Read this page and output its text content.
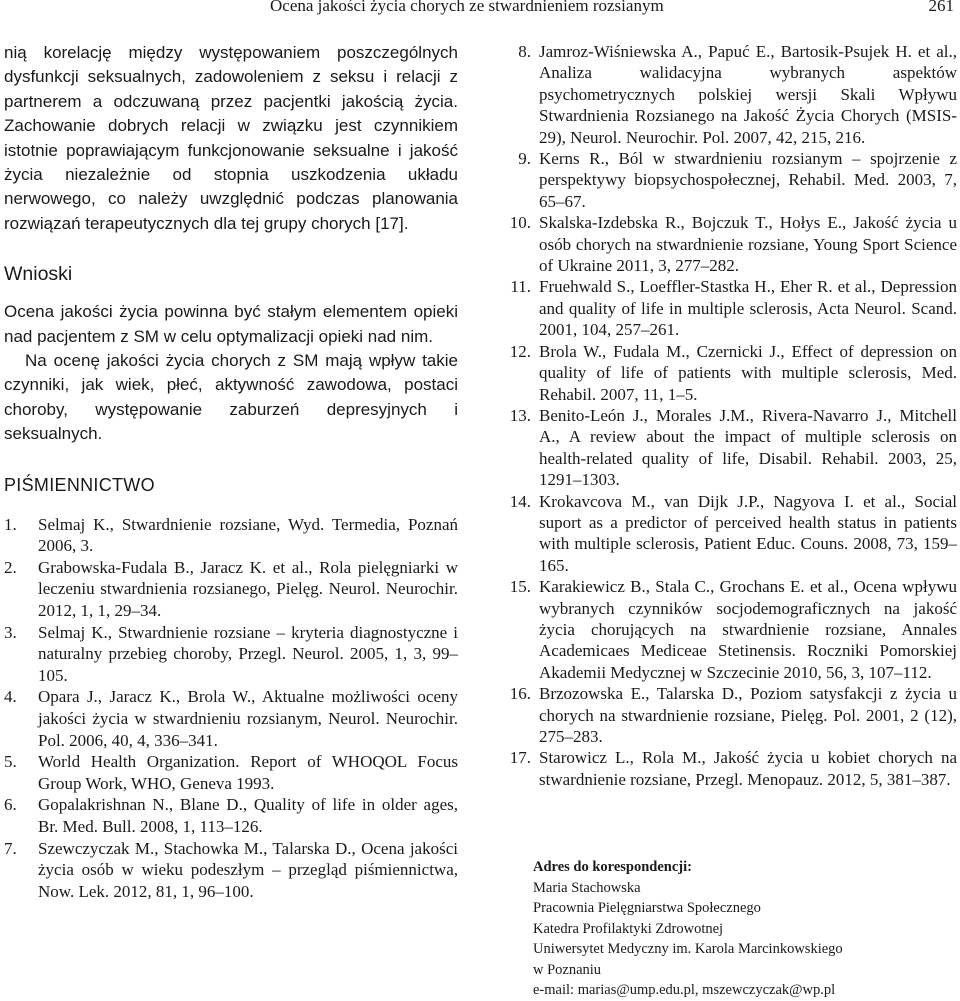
Ocena jakości życia chorych ze stwardnieniem rozsianym	261

nią korelację między występowaniem poszczególnych dysfunkcji seksualnych, zadowoleniem z seksu i relacji z partnerem a odczuwaną przez pacjentki jakością życia. Zachowanie dobrych relacji w związku jest czynnikiem istotnie poprawiającym funkcjonowanie seksualne i jakość życia niezależnie od stopnia uszkodzenia układu nerwowego, co należy uwzględnić podczas planowania rozwiązań terapeutycznych dla tej grupy chorych [17].

Wnioski

Ocena jakości życia powinna być stałym elementem opieki nad pacjentem z SM w celu optymalizacji opieki nad nim.

Na ocenę jakości życia chorych z SM mają wpływ takie czynniki, jak wiek, płeć, aktywność zawodowa, postaci choroby, występowanie zaburzeń depresyjnych i seksualnych.

PIŚMIENNICTWO
1.	Selmaj K., Stwardnienie rozsiane, Wyd. Termedia, Poznań 2006, 3.
2.	Grabowska-Fudala B., Jaracz K. et al., Rola pielęgniarki w leczeniu stwardnienia rozsianego, Pielęg. Neurol. Neurochir. 2012, 1, 1, 29–34.
3.	Selmaj K., Stwardnienie rozsiane – kryteria diagnostyczne i naturalny przebieg choroby, Przegl. Neurol. 2005, 1, 3, 99–105.
4.	Opara J., Jaracz K., Brola W., Aktualne możliwości oceny jakości życia w stwardnieniu rozsianym, Neurol. Neurochir. Pol. 2006, 40, 4, 336–341.
5.	World Health Organization. Report of WHOQOL Focus Group Work, WHO, Geneva 1993.
6.	Gopalakrishnan N., Blane D., Quality of life in older ages, Br. Med. Bull. 2008, 1, 113–126.
7.	Szewczyczak M., Stachowka M., Talarska D., Ocena jakości życia osób w wieku podeszłym – przegląd piśmiennictwa, Now. Lek. 2012, 81, 1, 96–100.
8. Jamroz-Wiśniewska A., Papuć E., Bartosik-Psujek H. et al., Analiza walidacyjna wybranych aspektów psychometrycznych polskiej wersji Skali Wpływu Stwardnienia Rozsianego na Jakość Życia Chorych (MSIS-29), Neurol. Neurochir. Pol. 2007, 42, 215, 216.
9. Kerns R., Ból w stwardnieniu rozsianym – spojrzenie z perspektywy biopsychospołecznej, Rehabil. Med. 2003, 7, 65–67.
10. Skalska-Izdebska R., Bojczuk T., Hołys E., Jakość życia u osób chorych na stwardnienie rozsiane, Young Sport Science of Ukraine 2011, 3, 277–282.
11. Fruehwald S., Loeffler-Stastka H., Eher R. et al., Depression and quality of life in multiple sclerosis, Acta Neurol. Scand. 2001, 104, 257–261.
12. Brola W., Fudala M., Czernicki J., Effect of depression on quality of life of patients with multiple sclerosis, Med. Rehabil. 2007, 11, 1–5.
13. Benito-León J., Morales J.M., Rivera-Navarro J., Mitchell A., A review about the impact of multiple sclerosis on health-related quality of life, Disabil. Rehabil. 2003, 25, 1291–1303.
14. Krokavcova M., van Dijk J.P., Nagyova I. et al., Social suport as a predictor of perceived health status in patients with multiple sclerosis, Patient Educ. Couns. 2008, 73, 159–165.
15. Karakiewicz B., Stala C., Grochans E. et al., Ocena wpływu wybranych czynników socjodemograficznych na jakość życia chorujących na stwardnienie rozsiane, Annales Academicaes Mediceae Stetinensis. Roczniki Pomorskiej Akademii Medycznej w Szczecinie 2010, 56, 3, 107–112.
16. Brzozowska E., Talarska D., Poziom satysfakcji z życia u chorych na stwardnienie rozsiane, Pielęg. Pol. 2001, 2 (12), 275–283.
17. Starowicz L., Rola M., Jakość życia u kobiet chorych na stwardnienie rozsiane, Przegl. Menopauz. 2012, 5, 381–387.
Adres do korespondencji:
Maria Stachowska
Pracownia Pielęgniarstwa Społecznego
Katedra Profilaktyki Zdrowotnej
Uniwersytet Medyczny im. Karola Marcinkowskiego
w Poznaniu
e-mail: marias@ump.edu.pl, mszewczyczak@wp.pl
